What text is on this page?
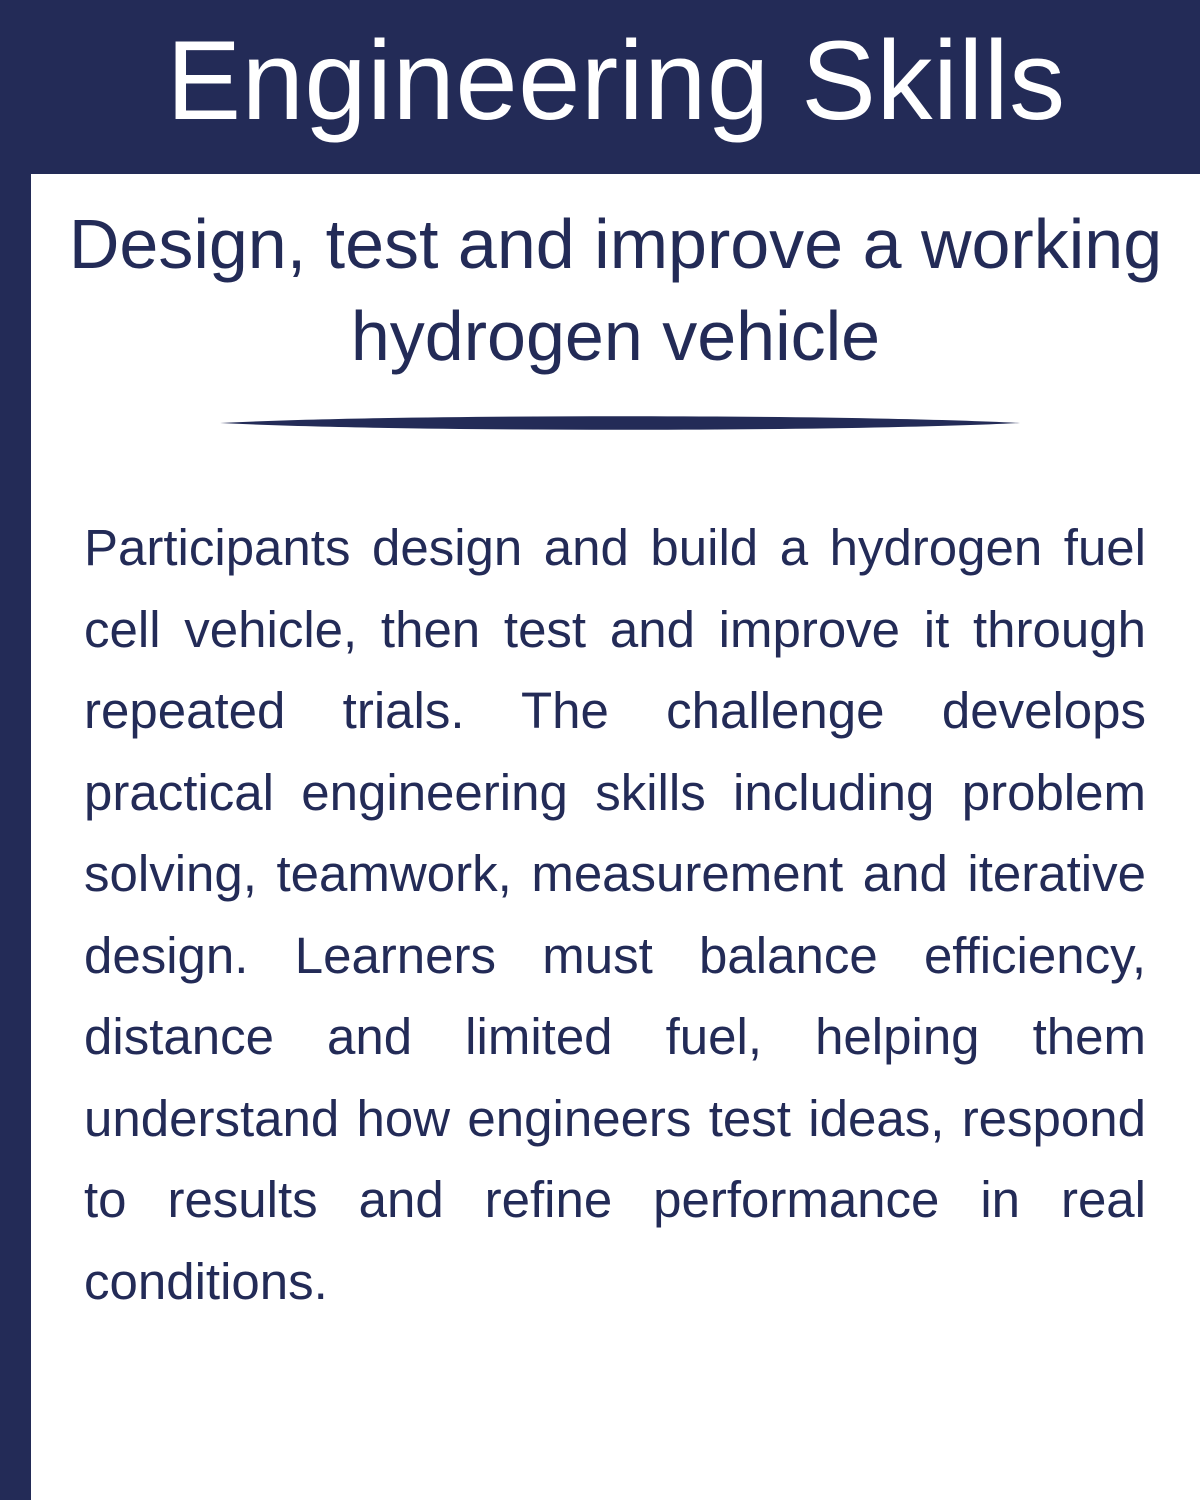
Engineering Skills
Design, test and improve a working hydrogen vehicle

Participants design and build a hydrogen fuel cell vehicle, then test and improve it through repeated trials. The challenge develops practical engineering skills including problem solving, teamwork, measurement and iterative design. Learners must balance efficiency, distance and limited fuel, helping them understand how engineers test ideas, respond to results and refine performance in real conditions.
